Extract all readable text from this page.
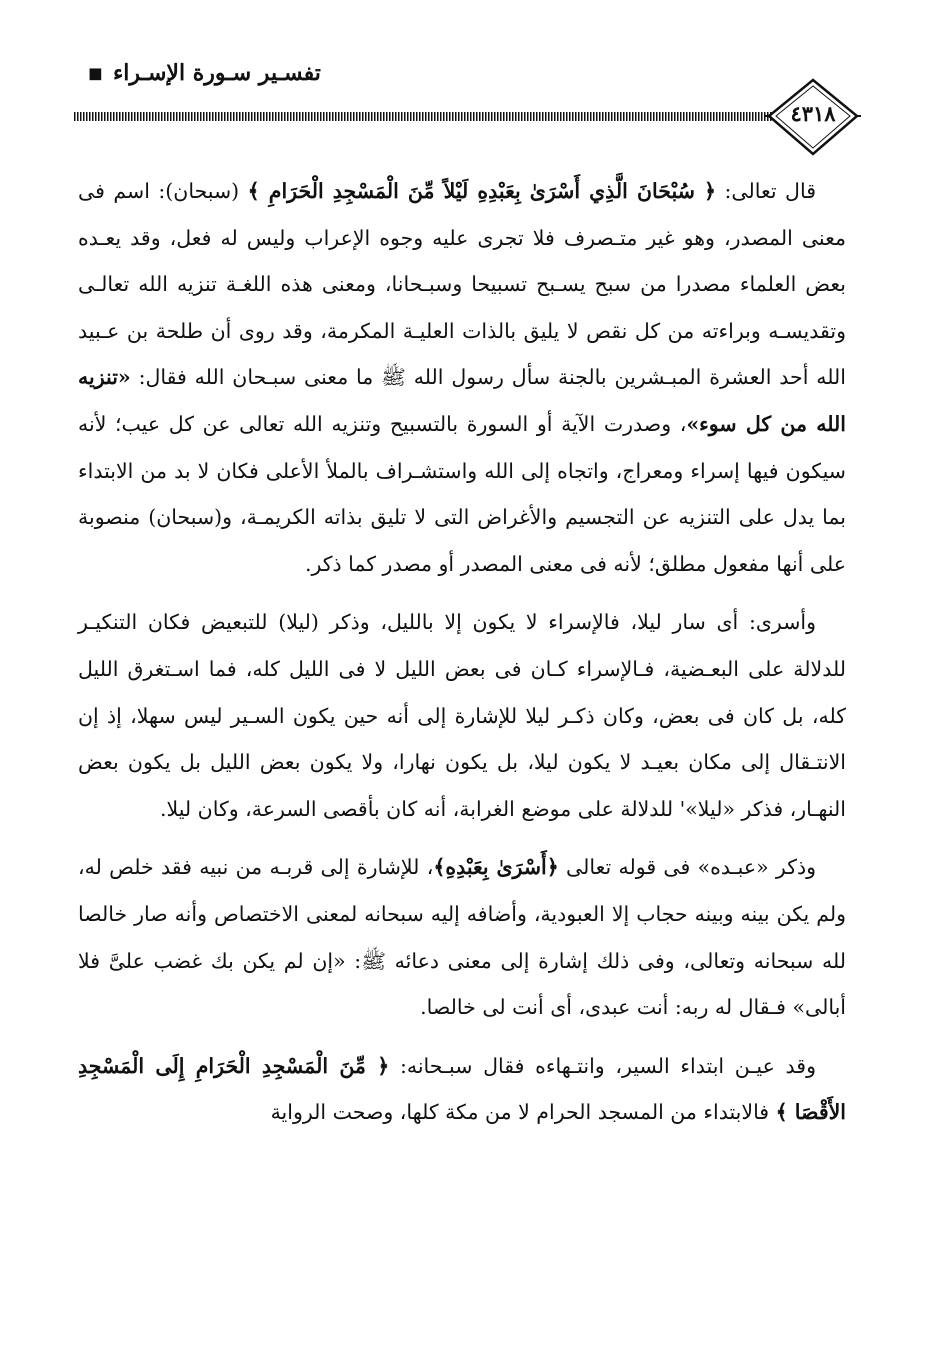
تفسـير سـورة الإسـراء
◼
٤٣١٨

قال تعالى: ﴿ سُبْحَانَ الَّذِي أَسْرَىٰ بِعَبْدِهِ لَيْلاً مِّنَ الْمَسْجِدِ الْحَرَامِ ﴾ (سبحان): اسم فى معنى المصدر، وهو غير متـصرف فلا تجرى عليه وجوه الإعراب وليس له فعل، وقد يعـده بعض العلماء مصدرا من سبح يسـبح تسبيحا وسبـحانا، ومعنى هذه اللغـة تنزيه الله تعالـى وتقديسـه وبراءته من كل نقص لا يليق بالذات العليـة المكرمة، وقد روى أن طلحة بن عـبيد الله أحد العشرة المبـشرين بالجنة سأل رسول الله ﷺ ما معنى سبـحان الله فقال: «تنزيه الله من كل سوء»، وصدرت الآية أو السورة بالتسبيح وتنزيه الله تعالى عن كل عيب؛ لأنه سيكون فيها إسراء ومعراج، واتجاه إلى الله واستشـراف بالملأ الأعلى فكان لا بد من الابتداء بما يدل على التنزيه عن التجسيم والأغراض التى لا تليق بذاته الكريمـة، و(سبحان) منصوبة على أنها مفعول مطلق؛ لأنه فى معنى المصدر أو مصدر كما ذكر.

وأسرى: أى سار ليلا، فالإسراء لا يكون إلا بالليل، وذكر (ليلا) للتبعيض فكان التنكيـر للدلالة على البعـضية، فـالإسراء كـان فى بعض الليل لا فى الليل كله، فما اسـتغرق الليل كله، بل كان فى بعض، وكان ذكـر ليلا للإشارة إلى أنه حين يكون السـير ليس سهلا، إذ إن الانتـقال إلى مكان بعيـد لا يكون ليلا، بل يكون نهارا، ولا يكون بعض الليل بل يكون بعض النهـار، فذكر «ليلا»' للدلالة على موضع الغرابة، أنه كان بأقصى السرعة، وكان ليلا.

وذكر «عبـده» فى قوله تعالى ﴿أَسْرَىٰ بِعَبْدِهِ﴾، للإشارة إلى قربـه من نبيه فقد خلص له، ولم يكن بينه وبينه حجاب إلا العبودية، وأضافه إليه سبحانه لمعنى الاختصاص وأنه صار خالصا لله سبحانه وتعالى، وفى ذلك إشارة إلى معنى دعائه ﷺ: «إن لم يكن بك غضب علىَّ فلا أبالى» فـقال له ربه: أنت عبدى، أى أنت لى خالصا.

وقد عيـن ابتداء السير، وانتـهاءه فقال سبـحانه: ﴿ مِّنَ الْمَسْجِدِ الْحَرَامِ إِلَى الْمَسْجِدِ الأَقْصَا ﴾ فالابتداء من المسجد الحرام لا من مكة كلها، وصحت الرواية
